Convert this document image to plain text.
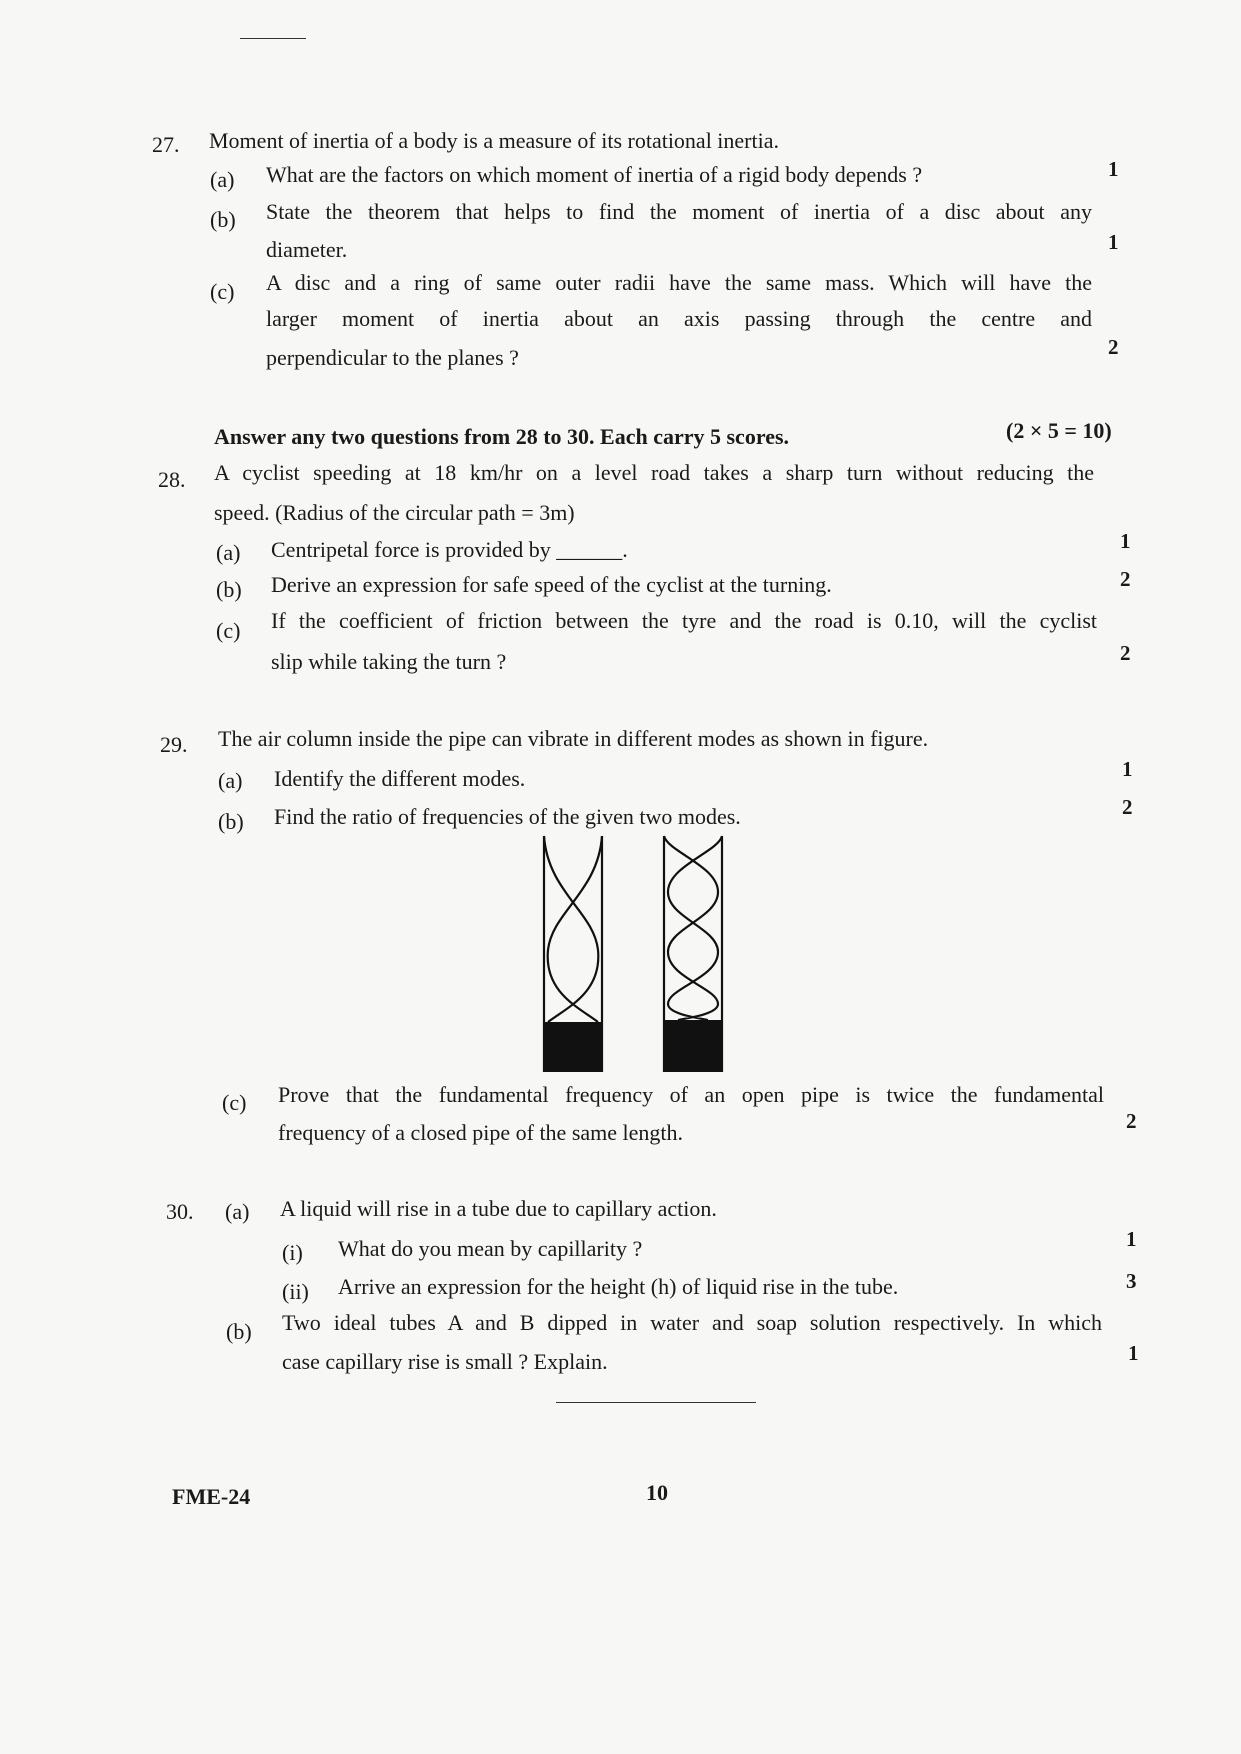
27. Moment of inertia of a body is a measure of its rotational inertia.
(a) What are the factors on which moment of inertia of a rigid body depends ?	1
(b) State the theorem that helps to find the moment of inertia of a disc about any
diameter.	1
(c) A disc and a ring of same outer radii have the same mass. Which will have the
larger moment of inertia about an axis passing through the centre and
perpendicular to the planes ?	2
Answer any two questions from 28 to 30. Each carry 5 scores.	(2 × 5 = 10)
28. A cyclist speeding at 18 km/hr on a level road takes a sharp turn without reducing the
speed. (Radius of the circular path = 3m)
(a) Centripetal force is provided by ______.	1
(b) Derive an expression for safe speed of the cyclist at the turning.	2
(c) If the coefficient of friction between the tyre and the road is 0.10, will the cyclist
slip while taking the turn ?	2
29. The air column inside the pipe can vibrate in different modes as shown in figure.
(a) Identify the different modes.	1
(b) Find the ratio of frequencies of the given two modes.	2
(c) Prove that the fundamental frequency of an open pipe is twice the fundamental
frequency of a closed pipe of the same length.	2
30. (a) A liquid will rise in a tube due to capillary action.
(i) What do you mean by capillarity ?	1
(ii) Arrive an expression for the height (h) of liquid rise in the tube.	3
(b) Two ideal tubes A and B dipped in water and soap solution respectively. In which
case capillary rise is small ? Explain.	1
FME-24	10
